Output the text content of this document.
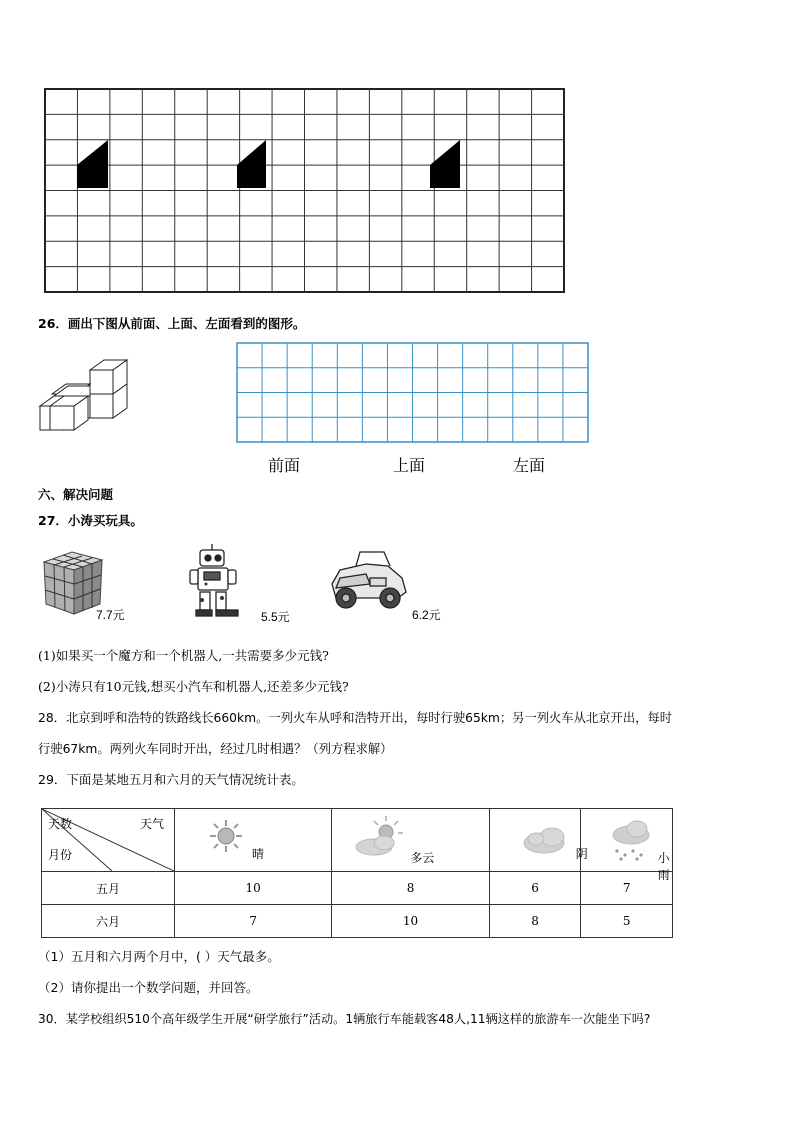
26．画出下图从前面、上面、左面看到的图形。
前面	上面	左面
六、解决问题
27．小涛买玩具。
7.7元	5.5元	6.2元
(1)如果买一个魔方和一个机器人,一共需要多少元钱?
(2)小涛只有10元钱,想买小汽车和机器人,还差多少元钱?
28．北京到呼和浩特的铁路线长660km。一列火车从呼和浩特开出，每时行驶65km；另一列火车从北京开出，每时
行驶67km。两列火车同时开出，经过几时相遇？（列方程求解）
29．下面是某地五月和六月的天气情况统计表。
天气
天数
月份	晴	多云	阴	小雨

五月	10	8	6	7
六月	7	10	8	5
（1）五月和六月两个月中，( ）天气最多。
（2）请你提出一个数学问题，并回答。
30．某学校组织510个高年级学生开展“研学旅行”活动。1辆旅行车能载客48人,11辆这样的旅游车一次能坐下吗?
